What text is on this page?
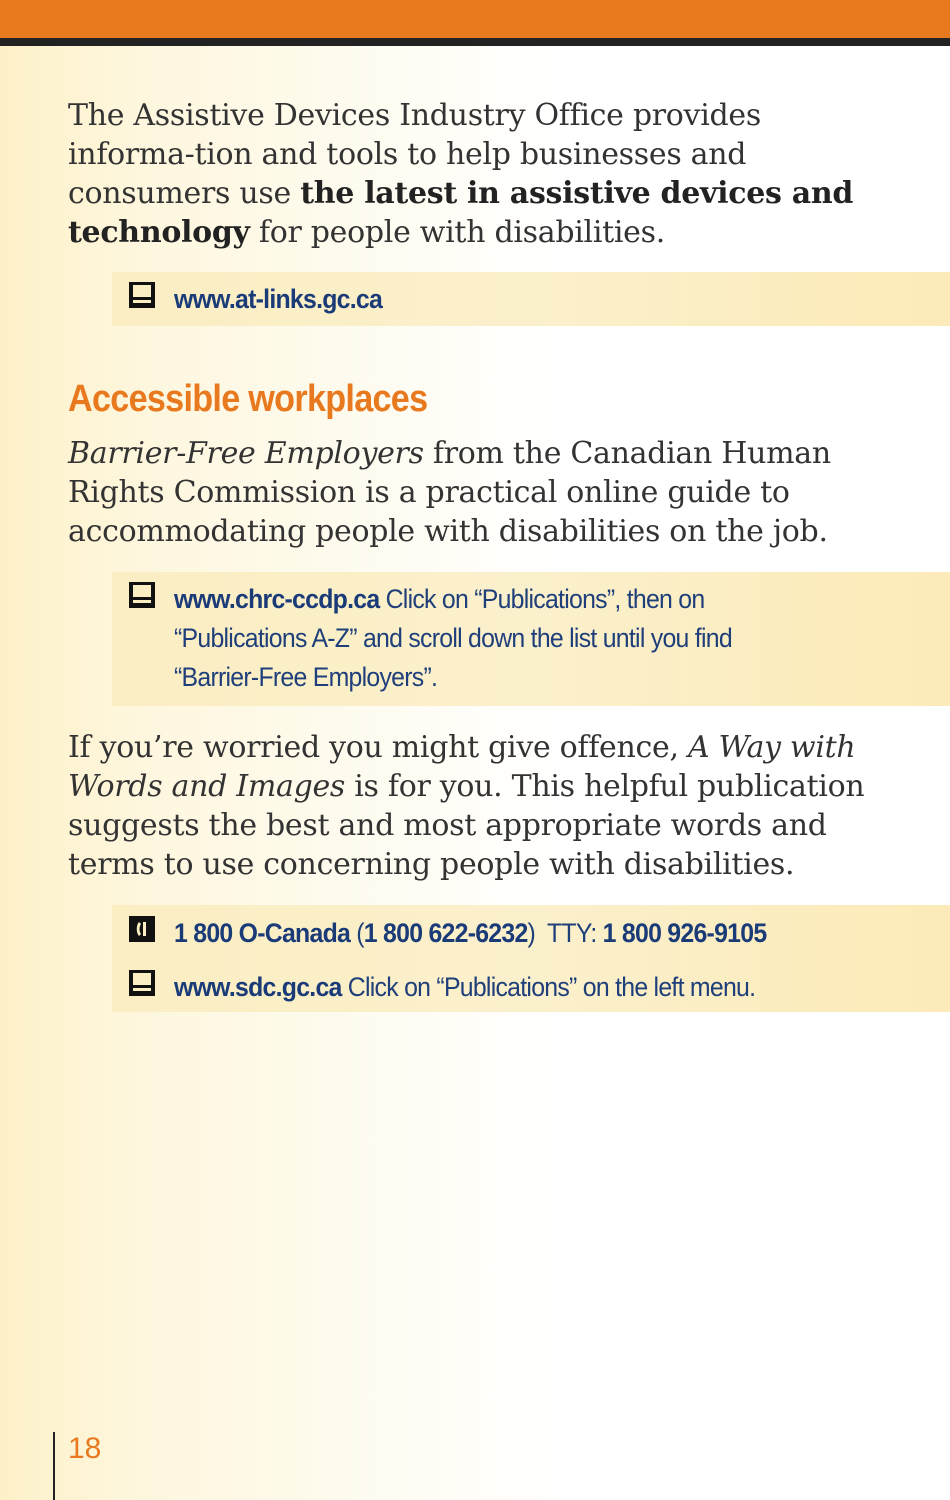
The Assistive Devices Industry Office provides informa-tion and tools to help businesses and consumers use the latest in assistive devices and technology for people with disabilities.

www.at-links.gc.ca
Accessible workplaces

Barrier-Free Employers from the Canadian Human Rights Commission is a practical online guide to accommodating people with disabilities on the job.

www.chrc-ccdp.ca Click on “Publications”, then on “Publications A-Z” and scroll down the list until you find “Barrier-Free Employers”.

If you’re worried you might give offence, A Way with Words and Images is for you. This helpful publication suggests the best and most appropriate words and terms to use concerning people with disabilities.

1 800 O-Canada (1 800 622-6232)  TTY: 1 800 926-9105
www.sdc.gc.ca Click on “Publications” on the left menu.
18
